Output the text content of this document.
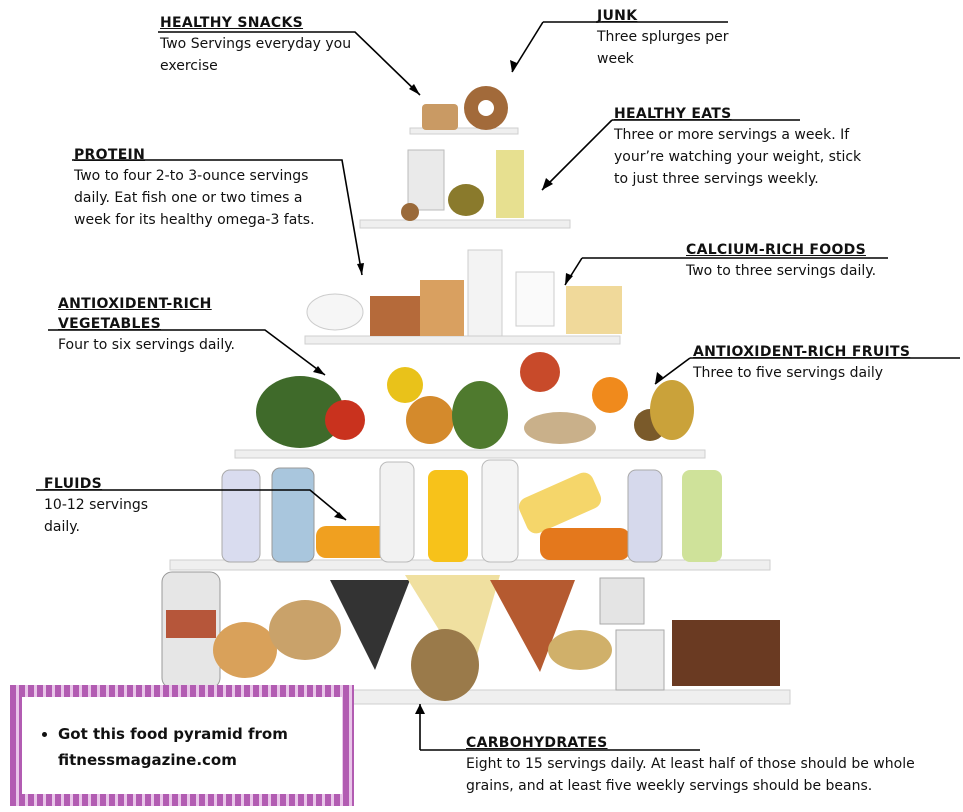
HEALTHY SNACKS

Two Servings everyday you exercise

JUNK

Three splurges per week

HEALTHY EATS

Three or more servings a week. If your’re watching your weight, stick to just three servings weekly.

PROTEIN

Two to four 2-to 3-ounce servings daily. Eat fish one or two times a week for its healthy omega-3 fats.

CALCIUM-RICH FOODS

Two to three servings daily.

ANTIOXIDENT-RICH VEGETABLES

Four to six servings daily.	ANTIOXIDENT-RICH FRUITS

Three to five servings daily

FLUIDS

10-12 servings daily.

CARBOHYDRATES

Eight to 15 servings daily. At least half of those should be whole grains, and at least five weekly servings should be beans.

• Got this food pyramid from fitnessmagazine.com
